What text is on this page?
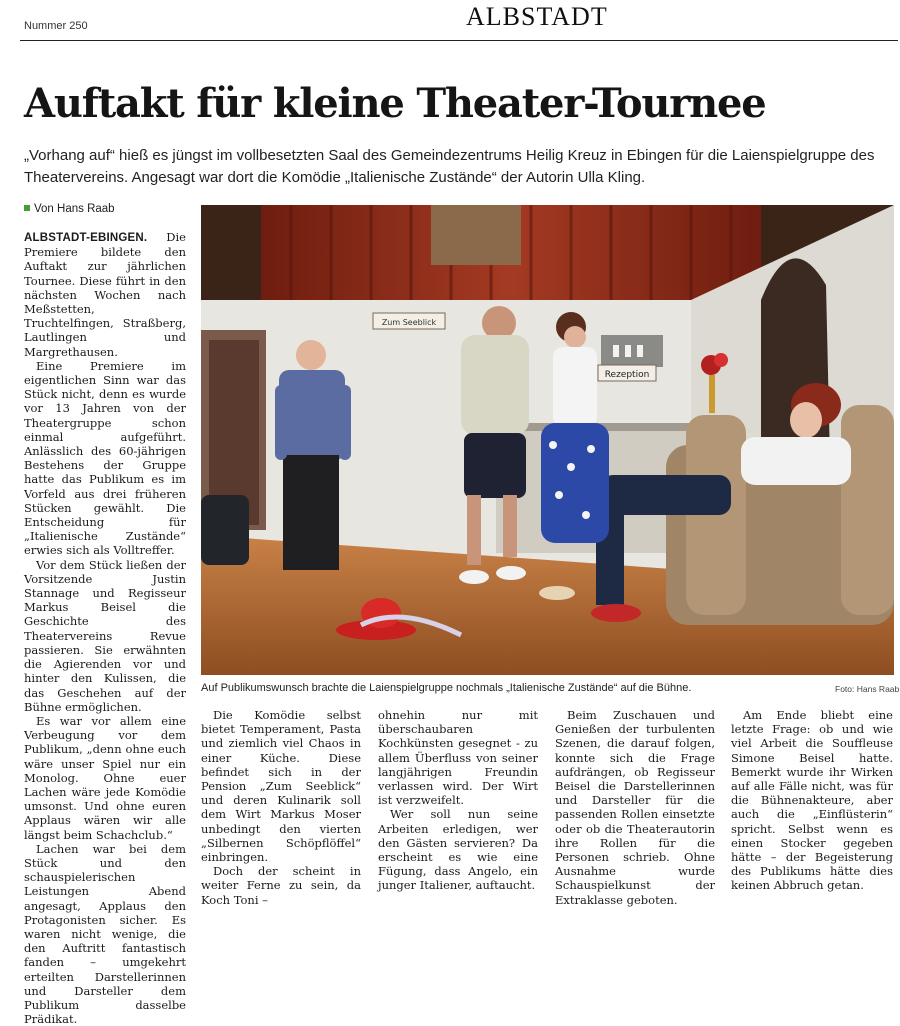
Nummer 250	ALBSTADT
Auftakt für kleine Theater-Tournee
„Vorhang auf“ hieß es jüngst im vollbesetzten Saal des Gemeindezentrums Heilig Kreuz in Ebingen für die Laienspielgruppe des Theatervereins. Angesagt war dort die Komödie „Italienische Zustände“ der Autorin Ulla Kling.
Von Hans Raab

ALBSTADT-EBINGEN. Die Premiere bildete den Auftakt zur jährlichen Tournee. Diese führt in den nächsten Wochen nach Meßstetten, Truchtelfingen, Straßberg, Lautlingen und Margrethausen.

Eine Premiere im eigentlichen Sinn war das Stück nicht, denn es wurde vor 13 Jahren von der Theatergruppe schon einmal aufgeführt. Anlässlich des 60-jährigen Bestehens der Gruppe hatte das Publikum es im Vorfeld aus drei früheren Stücken gewählt. Die Entscheidung für „Italienische Zustände“ erwies sich als Volltreffer.

Vor dem Stück ließen der Vorsitzende Justin Stannage und Regisseur Markus Beisel die Geschichte des Theatervereins Revue passieren. Sie erwähnten die Agierenden vor und hinter den Kulissen, die das Geschehen auf der Bühne ermöglichen.

Es war vor allem eine Verbeugung vor dem Publikum, „denn ohne euch wäre unser Spiel nur ein Monolog. Ohne euer Lachen wäre jede Komödie umsonst. Und ohne euren Applaus wären wir alle längst beim Schachclub.“

Lachen war bei dem Stück und den schauspielerischen Leistungen Abend angesagt, Applaus den Protagonisten sicher. Es waren nicht wenige, die den Auftritt fantastisch fanden – umgekehrt erteilten Darstellerinnen und Darsteller dem Publikum dasselbe Prädikat.

Zum Seeblick
Rezeption
Auf Publikumswunsch brachte die Laienspielgruppe nochmals „Italienische Zustände“ auf die Bühne.	Foto: Hans Raab

Die Komödie selbst bietet Temperament, Pasta und ziemlich viel Chaos in einer Küche. Diese befindet sich in der Pension „Zum Seeblick“ und deren Kulinarik soll dem Wirt Markus Moser unbedingt den vierten „Silbernen Schöpflöffel“ einbringen.

Doch der scheint in weiter Ferne zu sein, da Koch Toni –

ohnehin nur mit überschaubaren Kochkünsten gesegnet - zu allem Überfluss von seiner langjährigen Freundin verlassen wird. Der Wirt ist verzweifelt.

Wer soll nun seine Arbeiten erledigen, wer den Gästen servieren? Da erscheint es wie eine Fügung, dass Angelo, ein junger Italiener, auftaucht.

Beim Zuschauen und Genießen der turbulenten Szenen, die darauf folgen, konnte sich die Frage aufdrängen, ob Regisseur Beisel die Darstellerinnen und Darsteller für die passenden Rollen einsetzte oder ob die Theaterautorin ihre Rollen für die Personen schrieb. Ohne Ausnahme wurde Schauspielkunst der Extraklasse geboten.

Am Ende bliebt eine letzte Frage: ob und wie viel Arbeit die Souffleuse Simone Beisel hatte. Bemerkt wurde ihr Wirken auf alle Fälle nicht, was für die Bühnenakteure, aber auch die „Einflüsterin“ spricht. Selbst wenn es einen Stocker gegeben hätte – der Begeisterung des Publikums hätte dies keinen Abbruch getan.
